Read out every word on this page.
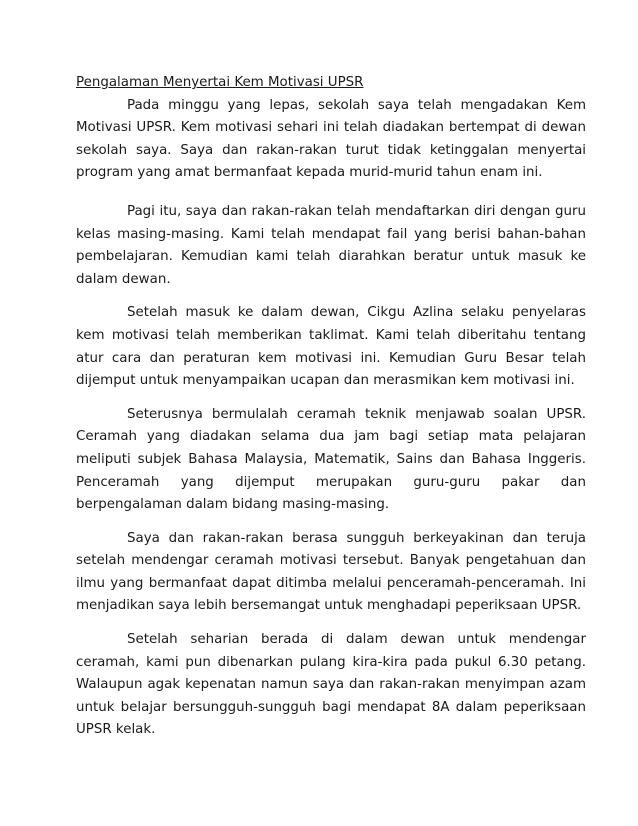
Pengalaman Menyertai Kem Motivasi UPSR

Pada minggu yang lepas, sekolah saya telah mengadakan Kem Motivasi UPSR. Kem motivasi sehari ini telah diadakan bertempat di dewan sekolah saya. Saya dan rakan-rakan turut tidak ketinggalan menyertai program yang amat bermanfaat kepada murid-murid tahun enam ini.

Pagi itu, saya dan rakan-rakan telah mendaftarkan diri dengan guru kelas masing-masing. Kami telah mendapat fail yang berisi bahan-bahan pembelajaran. Kemudian kami telah diarahkan beratur untuk masuk ke dalam dewan.

Setelah masuk ke dalam dewan, Cikgu Azlina selaku penyelaras kem motivasi telah memberikan taklimat. Kami telah diberitahu tentang atur cara dan peraturan kem motivasi ini. Kemudian Guru Besar telah dijemput untuk menyampaikan ucapan dan merasmikan kem motivasi ini.

Seterusnya bermulalah ceramah teknik menjawab soalan UPSR. Ceramah yang diadakan selama dua jam bagi setiap mata pelajaran meliputi subjek Bahasa Malaysia, Matematik, Sains dan Bahasa Inggeris. Penceramah yang dijemput merupakan guru-guru pakar dan berpengalaman dalam bidang masing-masing.

Saya dan rakan-rakan berasa sungguh berkeyakinan dan teruja setelah mendengar ceramah motivasi tersebut. Banyak pengetahuan dan ilmu yang bermanfaat dapat ditimba melalui penceramah-penceramah. Ini menjadikan saya lebih bersemangat untuk menghadapi peperiksaan UPSR.

Setelah seharian berada di dalam dewan untuk mendengar ceramah, kami pun dibenarkan pulang kira-kira pada pukul 6.30 petang. Walaupun agak kepenatan namun saya dan rakan-rakan menyimpan azam untuk belajar bersungguh-sungguh bagi mendapat 8A dalam peperiksaan UPSR kelak.
